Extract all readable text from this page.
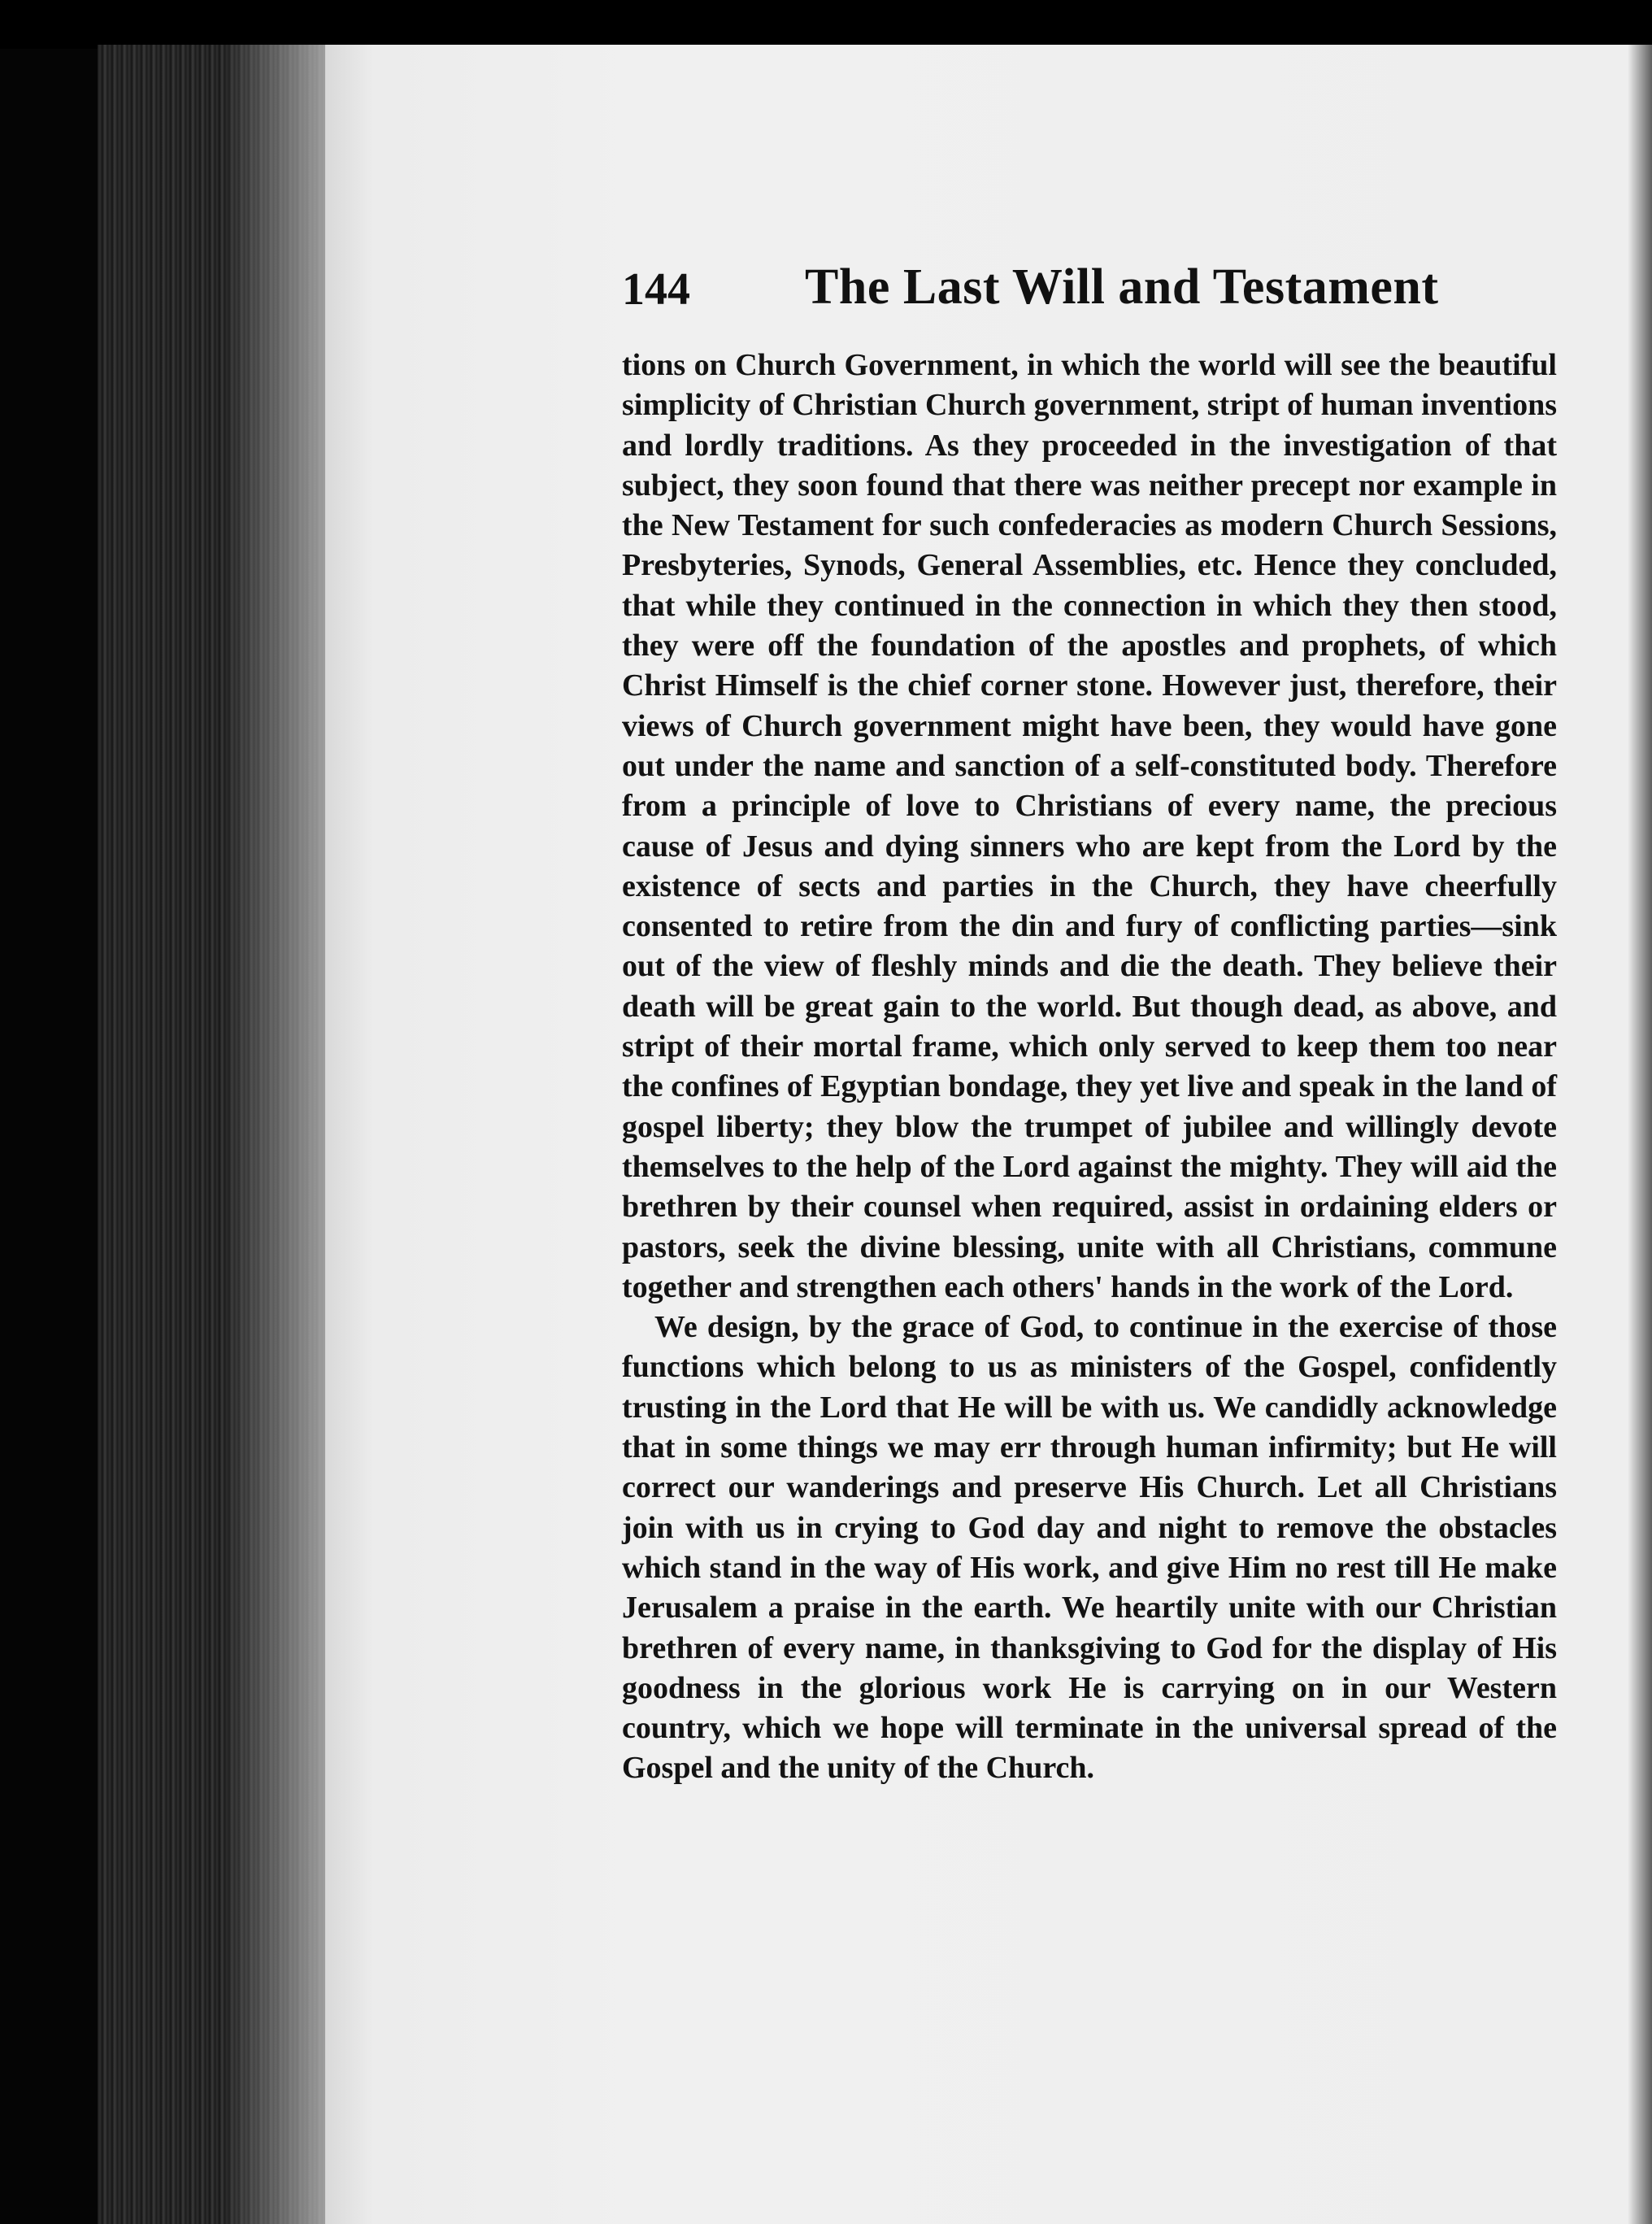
144 The Last Will and Testament

tions on Church Government, in which the world will see the beautiful simplicity of Christian Church government, stript of human inventions and lordly traditions. As they proceeded in the investigation of that subject, they soon found that there was neither precept nor example in the New Testament for such confederacies as modern Church Sessions, Presbyteries, Synods, General Assemblies, etc. Hence they concluded, that while they continued in the connection in which they then stood, they were off the foundation of the apostles and prophets, of which Christ Himself is the chief corner stone. However just, therefore, their views of Church government might have been, they would have gone out under the name and sanction of a self-constituted body. Therefore from a principle of love to Christians of every name, the precious cause of Jesus and dying sinners who are kept from the Lord by the existence of sects and parties in the Church, they have cheerfully consented to retire from the din and fury of conflicting parties—sink out of the view of fleshly minds and die the death. They believe their death will be great gain to the world. But though dead, as above, and stript of their mortal frame, which only served to keep them too near the confines of Egyptian bondage, they yet live and speak in the land of gospel liberty; they blow the trumpet of jubilee and willingly devote themselves to the help of the Lord against the mighty. They will aid the brethren by their counsel when required, assist in ordaining elders or pastors, seek the divine blessing, unite with all Christians, commune together and strengthen each others' hands in the work of the Lord.

We design, by the grace of God, to continue in the exercise of those functions which belong to us as ministers of the Gospel, confidently trusting in the Lord that He will be with us. We candidly acknowledge that in some things we may err through human infirmity; but He will correct our wanderings and preserve His Church. Let all Christians join with us in crying to God day and night to remove the obstacles which stand in the way of His work, and give Him no rest till He make Jerusalem a praise in the earth. We heartily unite with our Christian brethren of every name, in thanksgiving to God for the display of His goodness in the glorious work He is carrying on in our Western country, which we hope will terminate in the universal spread of the Gospel and the unity of the Church.
